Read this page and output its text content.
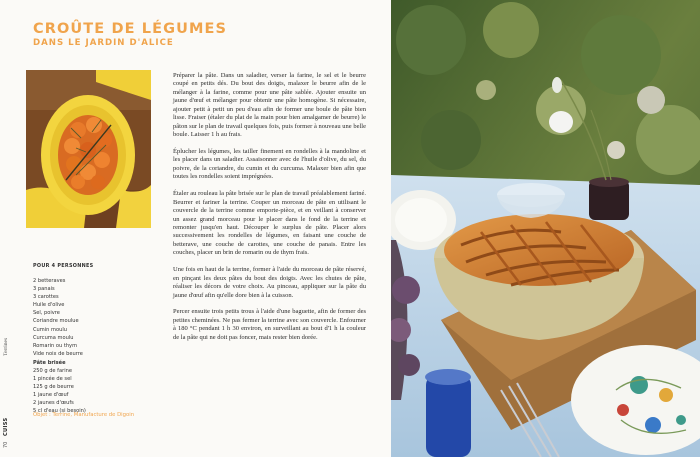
CROÛTE DE LÉGUMES
DANS LE JARDIN D'ALICE
POUR 4 PERSONNES
2 betteraves
3 panais
3 carottes
Huile d'olive
Sel, poivre
Coriandre moulue
Cumin moulu
Curcuma moulu
Romarin ou thym
Vide noix de beurre
Pâte brisée
250 g de farine
1 pincée de sel
125 g de beurre
1 jaune d'œuf
2 jaunes d'œufs
5 cl d'eau (si besoin)
Objet : Terrine, Manufacture de Digoin

Préparer la pâte. Dans un saladier, verser la farine, le sel et le beurre coupé en petits dés. Du bout des doigts, malaxer le beurre afin de le mélanger à la farine, comme pour une pâte sablée. Ajouter ensuite un jaune d'œuf et mélanger pour obtenir une pâte homogène. Si nécessaire, ajouter petit à petit un peu d'eau afin de former une boule de pâte bien lisse. Fraiser (étaler du plat de la main pour bien amalgamer de beurre) le pâton sur le plan de travail quelques fois, puis former à nouveau une belle boule. Laisser 1 h au frais.

Éplucher les légumes, les tailler finement en rondelles à la mandoline et les placer dans un saladier. Assaisonner avec de l'huile d'olive, du sel, du poivre, de la coriandre, du cumin et du curcuma. Malaxer bien afin que toutes les rondelles soient imprégnées.

Étaler au rouleau la pâte brisée sur le plan de travail préalablement fariné. Beurrer et fariner la terrine. Couper un morceau de pâte en utilisant le couvercle de la terrine comme emporte-pièce, et en veillant à conserver un assez grand morceau pour le placer dans le fond de la terrine et remonter jusqu'en haut. Découper le surplus de pâte. Placer alors successivement les rondelles de légumes, en faisant une couche de betterave, une couche de carottes, une couche de panais. Entre les couches, placer un brin de romarin ou de thym frais.

Une fois en haut de la terrine, former à l'aide du morceau de pâte réservé, en pinçant les deux pâtes du bout des doigts. Avec les chutes de pâte, réaliser les décors de votre choix. Au pinceau, appliquer sur la pâte du jaune d'œuf afin qu'elle dore bien à la cuisson.

Percer ensuite trois petits trous à l'aide d'une baguette, afin de former des petites cheminées. Ne pas fermer la terrine avec son couvercle. Enfourner à 180 °C pendant 1 h 30 environ, en surveillant au bout d'1 h la couleur de la pâte qui ne doit pas foncer, mais rester bien dorée.

70 CUISS Terrines
